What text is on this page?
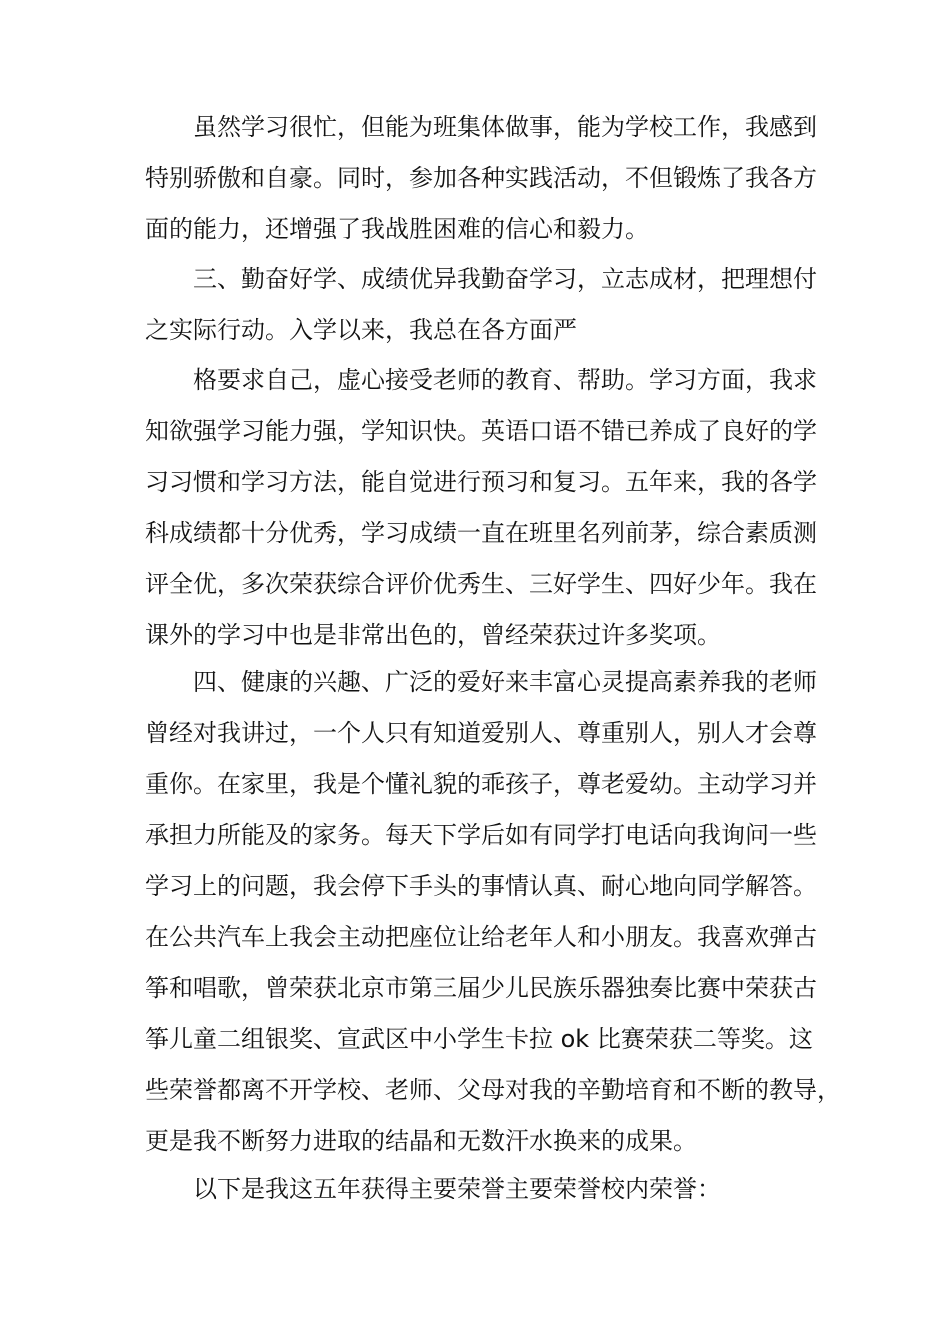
虽然学习很忙，但能为班集体做事，能为学校工作，我感到
特别骄傲和自豪。同时，参加各种实践活动，不但锻炼了我各方
面的能力，还增强了我战胜困难的信心和毅力。
三、勤奋好学、成绩优异我勤奋学习，立志成材，把理想付
之实际行动。入学以来，我总在各方面严
格要求自己，虚心接受老师的教育、帮助。学习方面，我求
知欲强学习能力强，学知识快。英语口语不错已养成了良好的学
习习惯和学习方法，能自觉进行预习和复习。五年来，我的各学
科成绩都十分优秀，学习成绩一直在班里名列前茅，综合素质测
评全优，多次荣获综合评价优秀生、三好学生、四好少年。我在
课外的学习中也是非常出色的，曾经荣获过许多奖项。
四、健康的兴趣、广泛的爱好来丰富心灵提高素养我的老师
曾经对我讲过，一个人只有知道爱别人、尊重别人，别人才会尊
重你。在家里，我是个懂礼貌的乖孩子，尊老爱幼。主动学习并
承担力所能及的家务。每天下学后如有同学打电话向我询问一些
学习上的问题，我会停下手头的事情认真、耐心地向同学解答。
在公共汽车上我会主动把座位让给老年人和小朋友。我喜欢弹古
筝和唱歌，曾荣获北京市第三届少儿民族乐器独奏比赛中荣获古
筝儿童二组银奖、宣武区中小学生卡拉 ok 比赛荣获二等奖。这
些荣誉都离不开学校、老师、父母对我的辛勤培育和不断的教导，
更是我不断努力进取的结晶和无数汗水换来的成果。
以下是我这五年获得主要荣誉主要荣誉校内荣誉：
